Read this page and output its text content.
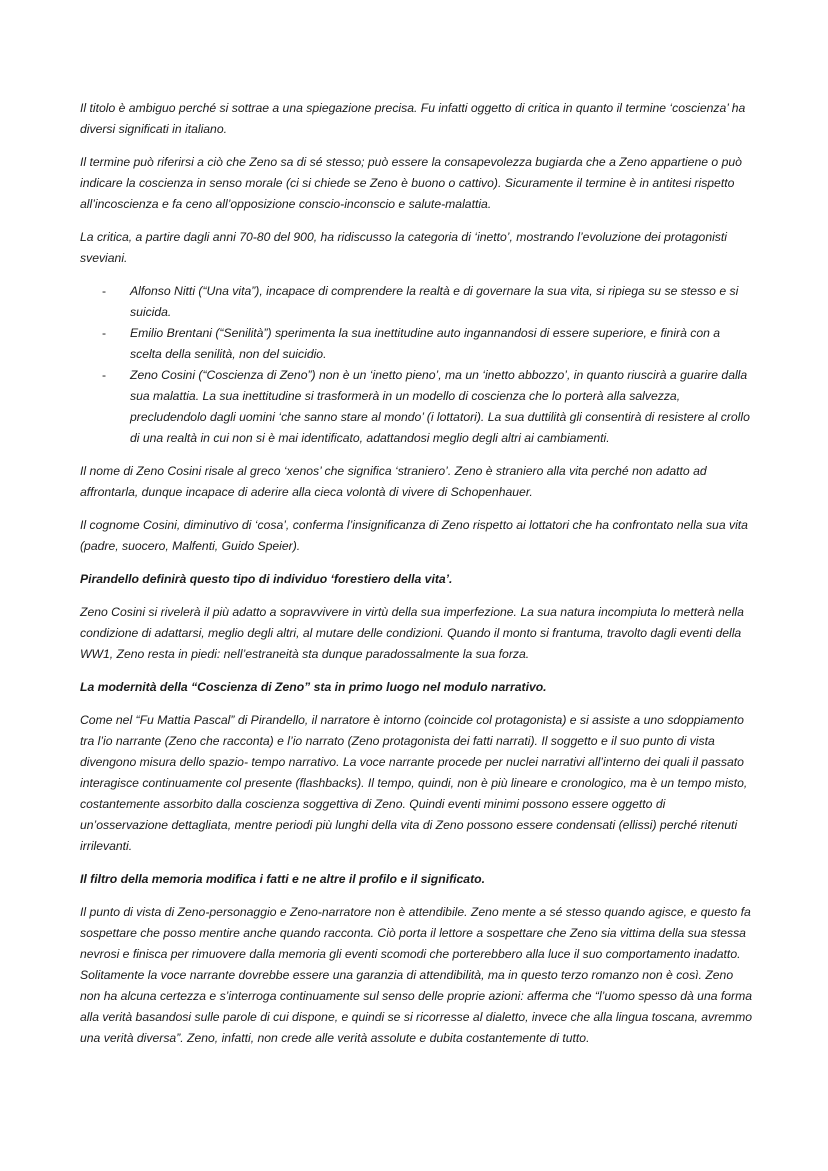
Il titolo è ambiguo perché si sottrae a una spiegazione precisa. Fu infatti oggetto di critica in quanto il termine ‘coscienza’ ha diversi significati in italiano.

Il termine può riferirsi a ciò che Zeno sa di sé stesso; può essere la consapevolezza bugiarda che a Zeno appartiene o può indicare la coscienza in senso morale (ci si chiede se Zeno è buono o cattivo). Sicuramente il termine è in antitesi rispetto all’incoscienza e fa ceno all’opposizione conscio-inconscio e salute-malattia.

La critica, a partire dagli anni 70-80 del 900, ha ridiscusso la categoria di ‘inetto’, mostrando l’evoluzione dei protagonisti sveviani.

- Alfonso Nitti (“Una vita”), incapace di comprendere la realtà e di governare la sua vita, si ripiega su se stesso e si suicida.
- Emilio Brentani (“Senilità”) sperimenta la sua inettitudine auto ingannandosi di essere superiore, e finirà con a scelta della senilità, non del suicidio.
- Zeno Cosini (“Coscienza di Zeno”) non è un ‘inetto pieno’, ma un ‘inetto abbozzo’, in quanto riuscirà a guarire dalla sua malattia. La sua inettitudine si trasformerà in un modello di coscienza che lo porterà alla salvezza, precludendolo dagli uomini ‘che sanno stare al mondo’ (i lottatori). La sua duttilità gli consentirà di resistere al crollo di una realtà in cui non si è mai identificato, adattandosi meglio degli altri ai cambiamenti.

Il nome di Zeno Cosini risale al greco ‘xenos’ che significa ‘straniero’. Zeno è straniero alla vita perché non adatto ad affrontarla, dunque incapace di aderire alla cieca volontà di vivere di Schopenhauer.

Il cognome Cosini, diminutivo di ‘cosa’, conferma l’insignificanza di Zeno rispetto ai lottatori che ha confrontato nella sua vita (padre, suocero, Malfenti, Guido Speier).

Pirandello definirà questo tipo di individuo ‘forestiero della vita’.

Zeno Cosini si rivelerà il più adatto a sopravvivere in virtù della sua imperfezione. La sua natura incompiuta lo metterà nella condizione di adattarsi, meglio degli altri, al mutare delle condizioni. Quando il monto si frantuma, travolto dagli eventi della WW1, Zeno resta in piedi: nell’estraneità sta dunque paradossalmente la sua forza.

La modernità della “Coscienza di Zeno” sta in primo luogo nel modulo narrativo.

Come nel “Fu Mattia Pascal” di Pirandello, il narratore è intorno (coincide col protagonista) e si assiste a uno sdoppiamento tra l’io narrante (Zeno che racconta) e l’io narrato (Zeno protagonista dei fatti narrati). Il soggetto e il suo punto di vista divengono misura dello spazio- tempo narrativo. La voce narrante procede per nuclei narrativi all’interno dei quali il passato interagisce continuamente col presente (flashbacks). Il tempo, quindi, non è più lineare e cronologico, ma è un tempo misto, costantemente assorbito dalla coscienza soggettiva di Zeno. Quindi eventi minimi possono essere oggetto di un’osservazione dettagliata, mentre periodi più lunghi della vita di Zeno possono essere condensati (ellissi) perché ritenuti irrilevanti.

Il filtro della memoria modifica i fatti e ne altre il profilo e il significato.

Il punto di vista di Zeno-personaggio e Zeno-narratore non è attendibile. Zeno mente a sé stesso quando agisce, e questo fa sospettare che posso mentire anche quando racconta. Ciò porta il lettore a sospettare che Zeno sia vittima della sua stessa nevrosi e finisca per rimuovere dalla memoria gli eventi scomodi che porterebbero alla luce il suo comportamento inadatto. Solitamente la voce narrante dovrebbe essere una garanzia di attendibilità, ma in questo terzo romanzo non è così. Zeno non ha alcuna certezza e s’interroga continuamente sul senso delle proprie azioni: afferma che “l’uomo spesso dà una forma alla verità basandosi sulle parole di cui dispone, e quindi se si ricorresse al dialetto, invece che alla lingua toscana, avremmo una verità diversa”. Zeno, infatti, non crede alle verità assolute e dubita costantemente di tutto.
